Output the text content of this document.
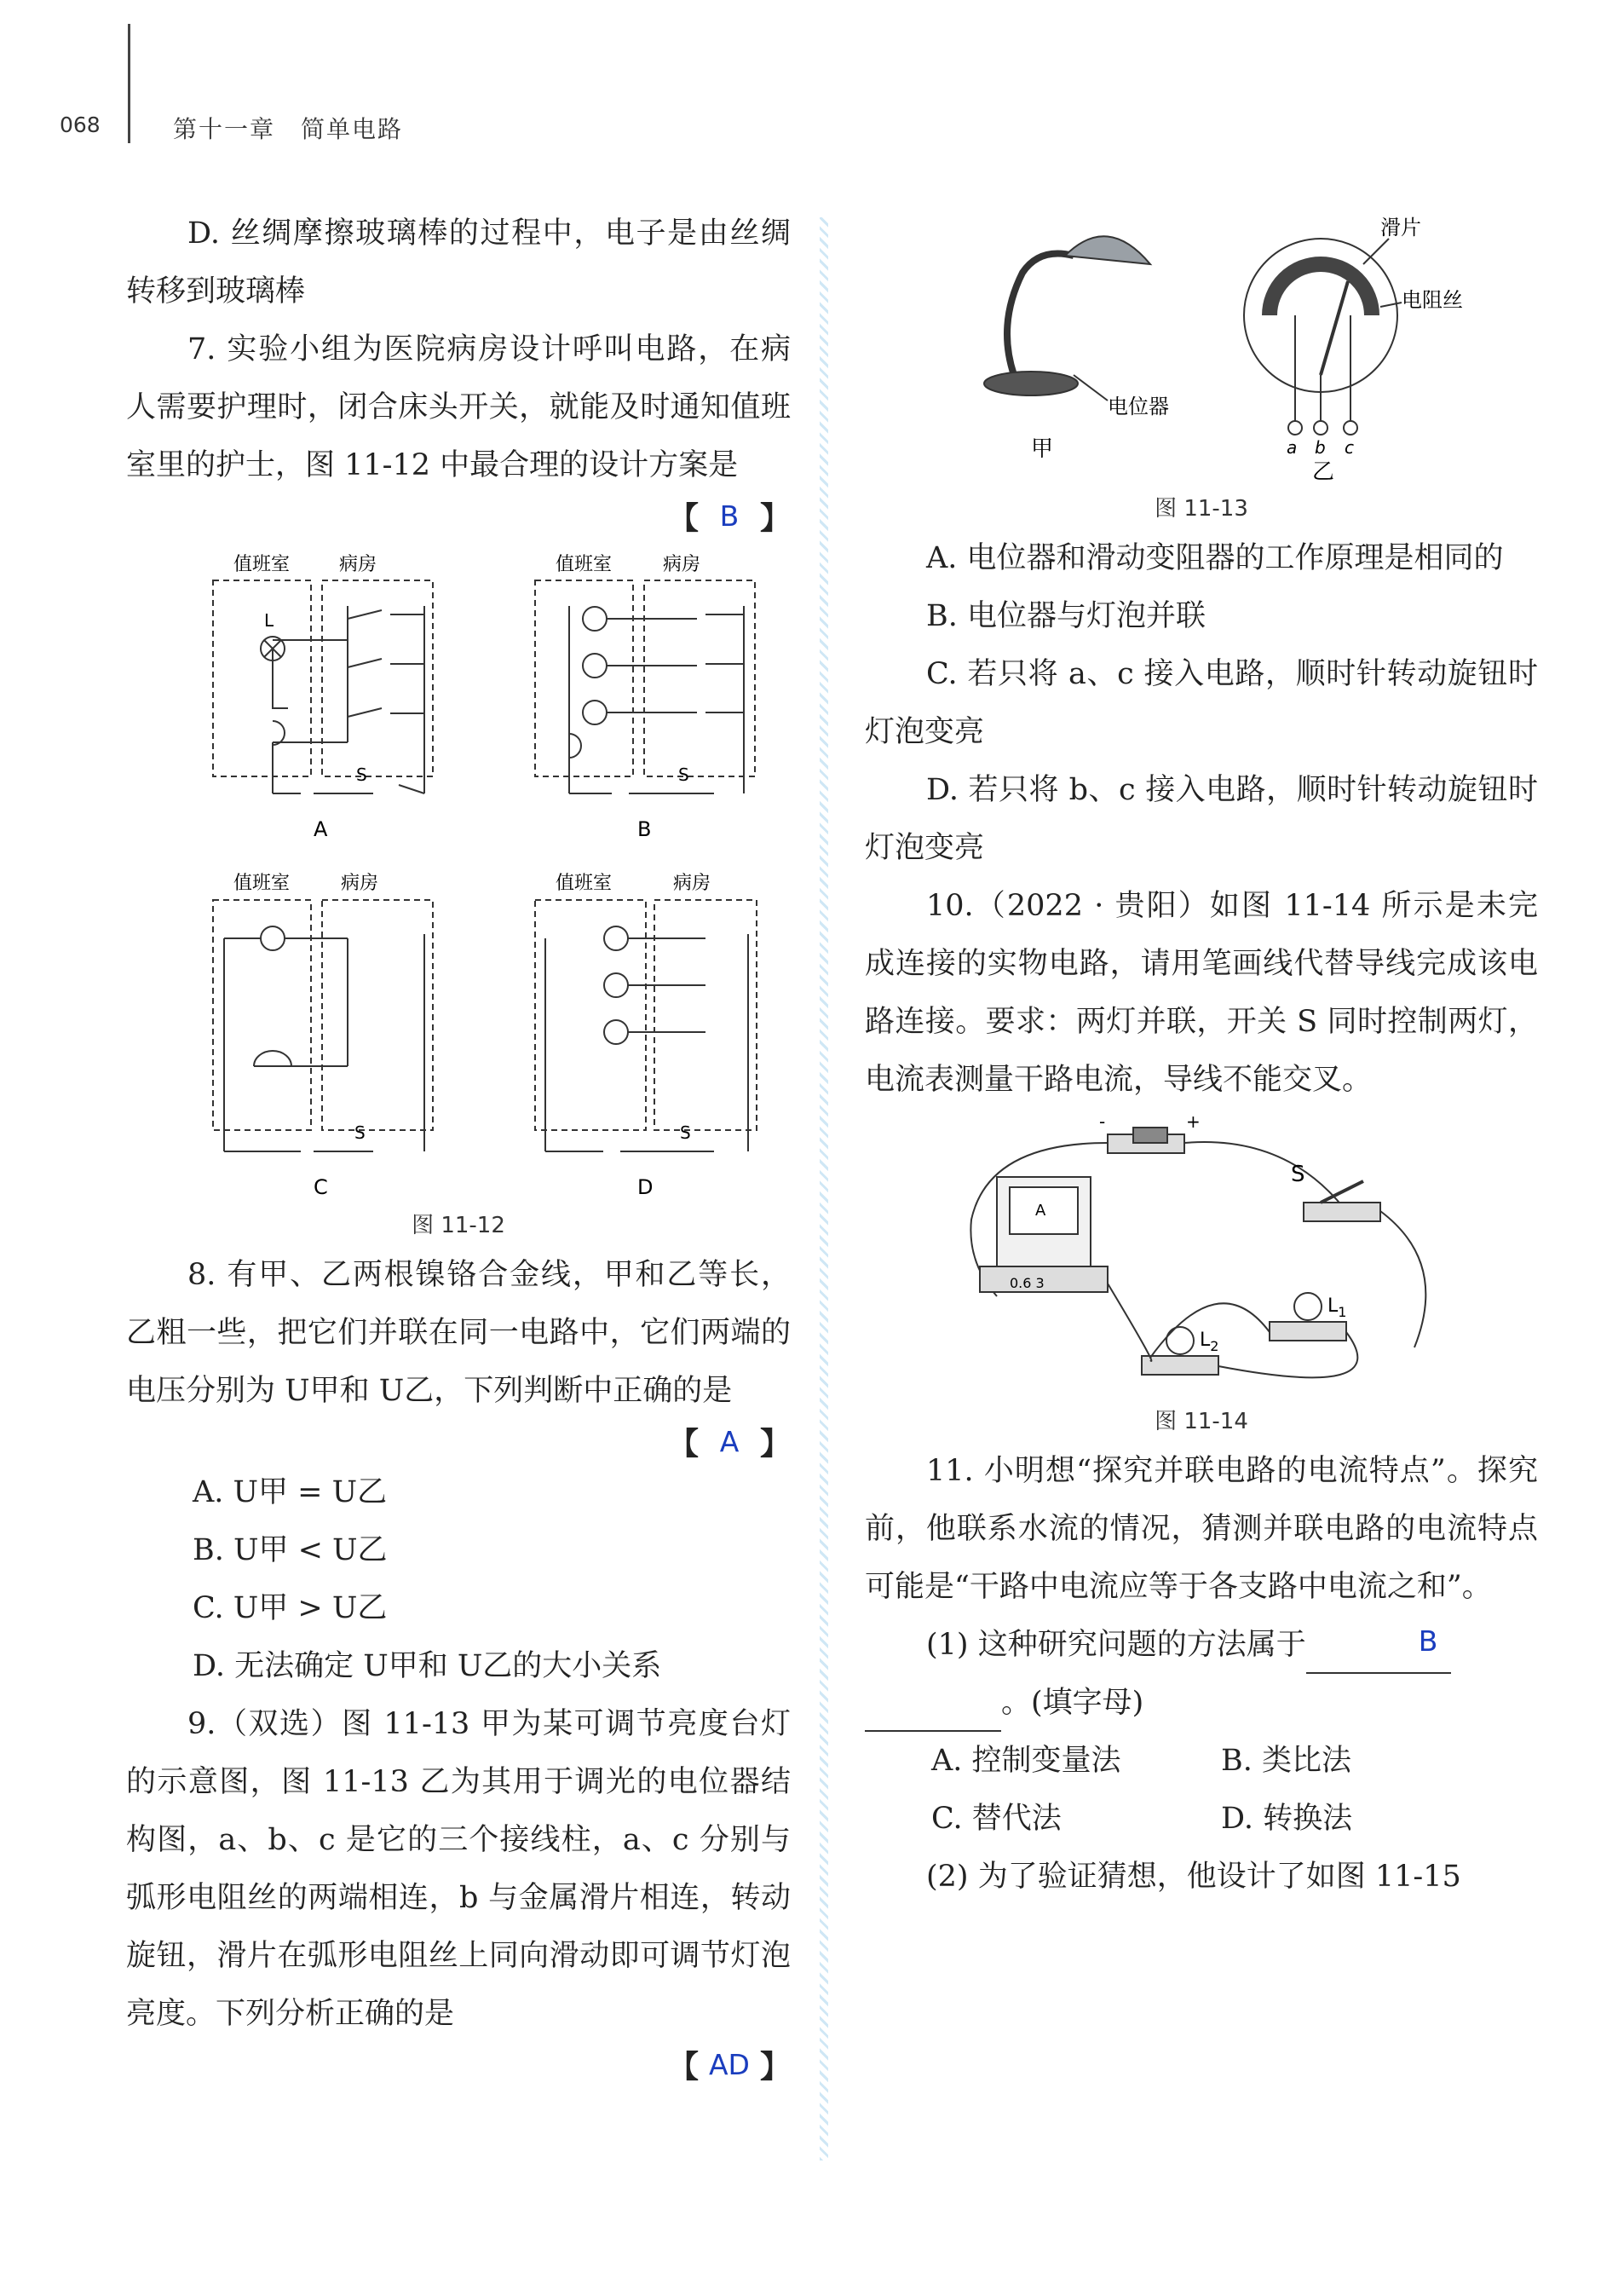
068	第十一章　简单电路

D. 丝绸摩擦玻璃棒的过程中，电子是由丝绸转移到玻璃棒

7. 实验小组为医院病房设计呼叫电路，在病人需要护理时，闭合床头开关，就能及时通知值班室里的护士，图 11-12 中最合理的设计方案是

【 B 】
值班室	病房	值班室	病房
值班室	病房	值班室	病房
L
S	S
S	S
A	B
C	D
图 11-12

8. 有甲、乙两根镍铬合金线，甲和乙等长，乙粗一些，把它们并联在同一电路中，它们两端的电压分别为 U甲和 U乙，下列判断中正确的是

【 A 】

A. U甲 = U乙

B. U甲 < U乙

C. U甲 > U乙

D. 无法确定 U甲和 U乙的大小关系

9.（双选）图 11-13 甲为某可调节亮度台灯的示意图，图 11-13 乙为其用于调光的电位器结构图，a、b、c 是它的三个接线柱，a、c 分别与弧形电阻丝的两端相连，b 与金属滑片相连，转动旋钮，滑片在弧形电阻丝上同向滑动即可调节灯泡亮度。下列分析正确的是

【 AD 】
滑片
电阻丝
电位器
a b c
甲
乙
图 11-13

A. 电位器和滑动变阻器的工作原理是相同的

B. 电位器与灯泡并联

C. 若只将 a、c 接入电路，顺时针转动旋钮时灯泡变亮

D. 若只将 b、c 接入电路，顺时针转动旋钮时灯泡变亮

10.（2022 · 贵阳）如图 11-14 所示是未完成连接的实物电路，请用笔画线代替导线完成该电路连接。要求：两灯并联，开关 S 同时控制两灯，电流表测量干路电流，导线不能交叉。

A
0.6 3
-	+
S
$L_1$
$L_2$
图 11-14

11. 小明想“探究并联电路的电流特点”。探究前，他联系水流的情况，猜测并联电路的电流特点可能是“干路中电流应等于各支路中电流之和”。

(1) 这种研究问题的方法属于	B

。(填字母)

A. 控制变量法	B. 类比法

C. 替代法	D. 转换法

(2) 为了验证猜想，他设计了如图 11-15
